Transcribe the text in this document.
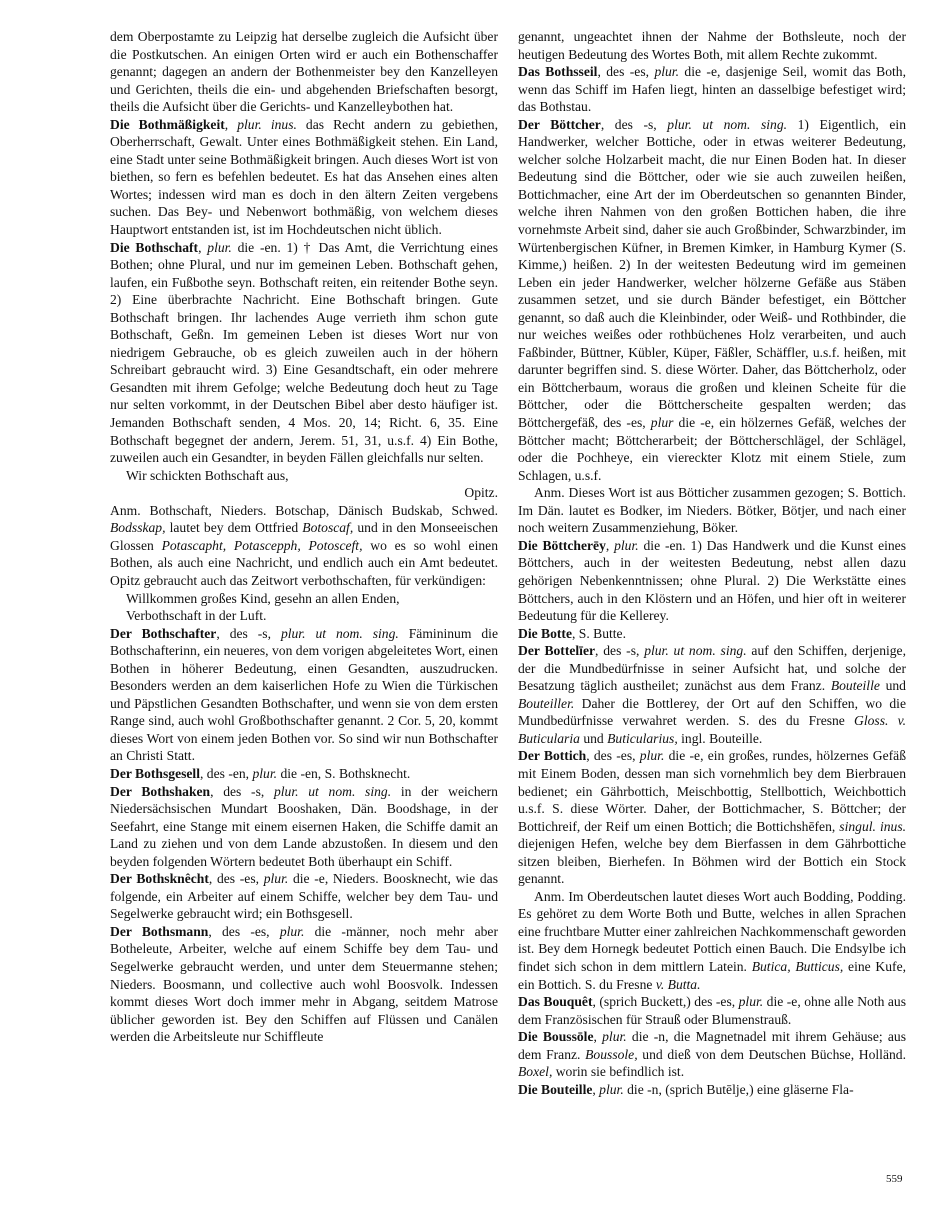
dem Oberpostamte zu Leipzig hat derselbe zugleich die Aufsicht über die Postkutschen. An einigen Orten wird er auch ein Bothenschaffer genannt; dagegen an andern der Bothenmeister bey den Kanzelleyen und Gerichten, theils die ein- und abgehenden Briefschaften besorgt, theils die Aufsicht über die Gerichts- und Kanzelleybothen hat.

Die Bothmäßigkeit, plur. inus. das Recht andern zu gebiethen, Oberherrschaft, Gewalt. Unter eines Bothmäßigkeit stehen. Ein Land, eine Stadt unter seine Bothmäßigkeit bringen. Auch dieses Wort ist von biethen, so fern es befehlen bedeutet. Es hat das Ansehen eines alten Wortes; indessen wird man es doch in den ältern Zeiten vergebens suchen. Das Bey- und Nebenwort bothmäßig, von welchem dieses Hauptwort entstanden ist, ist im Hochdeutschen nicht üblich.

Die Bothschaft, plur. die -en. 1) † Das Amt, die Verrichtung eines Bothen; ohne Plural, und nur im gemeinen Leben. Bothschaft gehen, laufen, ein Fußbothe seyn. Bothschaft reiten, ein reitender Bothe seyn. 2) Eine überbrachte Nachricht. Eine Bothschaft bringen. Gute Bothschaft bringen. Ihr lachendes Auge verrieth ihm schon gute Bothschaft, Geßn. Im gemeinen Leben ist dieses Wort nur von niedrigem Gebrauche, ob es gleich zuweilen auch in der höhern Schreibart gebraucht wird. 3) Eine Gesandtschaft, ein oder mehrere Gesandten mit ihrem Gefolge; welche Bedeutung doch heut zu Tage nur selten vorkommt, in der Deutschen Bibel aber desto häufiger ist. Jemanden Bothschaft senden, 4 Mos. 20, 14; Richt. 6, 35. Eine Bothschaft begegnet der andern, Jerem. 51, 31, u.s.f. 4) Ein Bothe, zuweilen auch ein Gesandter, in beyden Fällen gleichfalls nur selten.

Wir schickten Bothschaft aus,

Opitz.

Anm. Bothschaft, Nieders. Botschap, Dänisch Budskab, Schwed. Bodsskap, lautet bey dem Ottfried Botoscaf, und in den Monseeischen Glossen Potascapht, Potascepph, Potosceft, wo es so wohl einen Bothen, als auch eine Nachricht, und endlich auch ein Amt bedeutet. Opitz gebraucht auch das Zeitwort verbothschaften, für verkündigen:

Willkommen großes Kind, gesehn an allen Enden,

Verbothschaft in der Luft.

Der Bothschafter, des -s, plur. ut nom. sing. Fämininum die Bothschafterinn, ein neueres, von dem vorigen abgeleitetes Wort, einen Bothen in höherer Bedeutung, einen Gesandten, auszudrucken. Besonders werden an dem kaiserlichen Hofe zu Wien die Türkischen und Päpstlichen Gesandten Bothschafter, und wenn sie von dem ersten Range sind, auch wohl Großbothschafter genannt. 2 Cor. 5, 20, kommt dieses Wort von einem jeden Bothen vor. So sind wir nun Bothschafter an Christi Statt.

Der Bothsgesell, des -en, plur. die -en, S. Bothsknecht.

Der Bothshaken, des -s, plur. ut nom. sing. in der weichern Niedersächsischen Mundart Booshaken, Dän. Boodshage, in der Seefahrt, eine Stange mit einem eisernen Haken, die Schiffe damit an Land zu ziehen und von dem Lande abzustoßen. In diesem und den beyden folgenden Wörtern bedeutet Both überhaupt ein Schiff.

Der Bothsknêcht, des -es, plur. die -e, Nieders. Boosknecht, wie das folgende, ein Arbeiter auf einem Schiffe, welcher bey dem Tau- und Segelwerke gebraucht wird; ein Bothsgesell.

Der Bothsmann, des -es, plur. die -männer, noch mehr aber Botheleute, Arbeiter, welche auf einem Schiffe bey dem Tau- und Segelwerke gebraucht werden, und unter dem Steuermanne stehen; Nieders. Boosmann, und collective auch wohl Boosvolk. Indessen kommt dieses Wort doch immer mehr in Abgang, seitdem Matrose üblicher geworden ist. Bey den Schiffen auf Flüssen und Canälen werden die Arbeitsleute nur Schiffleute

genannt, ungeachtet ihnen der Nahme der Bothsleute, noch der heutigen Bedeutung des Wortes Both, mit allem Rechte zukommt.

Das Bothsseil, des -es, plur. die -e, dasjenige Seil, womit das Both, wenn das Schiff im Hafen liegt, hinten an dasselbige befestiget wird; das Bothstau.

Der Böttcher, des -s, plur. ut nom. sing. 1) Eigentlich, ein Handwerker, welcher Bottiche, oder in etwas weiterer Bedeutung, welcher solche Holzarbeit macht, die nur Einen Boden hat. In dieser Bedeutung sind die Böttcher, oder wie sie auch zuweilen heißen, Bottichmacher, eine Art der im Oberdeutschen so genannten Binder, welche ihren Nahmen von den großen Bottichen haben, die ihre vornehmste Arbeit sind, daher sie auch Großbinder, Schwarzbinder, im Würtenbergischen Küfner, in Bremen Kimker, in Hamburg Kymer (S. Kimme,) heißen. 2) In der weitesten Bedeutung wird im gemeinen Leben ein jeder Handwerker, welcher hölzerne Gefäße aus Stäben zusammen setzet, und sie durch Bänder befestiget, ein Böttcher genannt, so daß auch die Kleinbinder, oder Weiß- und Rothbinder, die nur weiches weißes oder rothbüchenes Holz verarbeiten, und auch Faßbinder, Büttner, Kübler, Küper, Fäßler, Schäffler, u.s.f. heißen, mit darunter begriffen sind. S. diese Wörter. Daher, das Böttcherholz, oder ein Böttcherbaum, woraus die großen und kleinen Scheite für die Böttcher, oder die Böttcherscheite gespalten werden; das Böttchergefäß, des -es, plur die -e, ein hölzernes Gefäß, welches der Böttcher macht; Böttcherarbeit; der Böttcherschlägel, der Schlägel, oder die Pochheye, ein viereckter Klotz mit einem Stiele, zum Schlagen, u.s.f.

Anm. Dieses Wort ist aus Bötticher zusammen gezogen; S. Bottich. Im Dän. lautet es Bodker, im Nieders. Bötker, Bötjer, und nach einer noch weitern Zusammenziehung, Böker.

Die Böttcherēy, plur. die -en. 1) Das Handwerk und die Kunst eines Böttchers, auch in der weitesten Bedeutung, nebst allen dazu gehörigen Nebenkenntnissen; ohne Plural. 2) Die Werkstätte eines Böttchers, auch in den Klöstern und an Höfen, und hier oft in weiterer Bedeutung für die Kellerey.

Die Botte, S. Butte.

Der Bottelīer, des -s, plur. ut nom. sing. auf den Schiffen, derjenige, der die Mundbedürfnisse in seiner Aufsicht hat, und solche der Besatzung täglich austheilet; zunächst aus dem Franz. Bouteille und Bouteiller. Daher die Bottlerey, der Ort auf den Schiffen, wo die Mundbedürfnisse verwahret werden. S. des du Fresne Gloss. v. Buticularia und Buticularius, ingl. Bouteille.

Der Bottich, des -es, plur. die -e, ein großes, rundes, hölzernes Gefäß mit Einem Boden, dessen man sich vornehmlich bey dem Bierbrauen bedienet; ein Gährbottich, Meischbottig, Stellbottich, Weichbottich u.s.f. S. diese Wörter. Daher, der Bottichmacher, S. Böttcher; der Bottichreif, der Reif um einen Bottich; die Bottichshēfen, singul. inus. diejenigen Hefen, welche bey dem Bierfassen in dem Gährbottiche sitzen bleiben, Bierhefen. In Böhmen wird der Bottich ein Stock genannt.

Anm. Im Oberdeutschen lautet dieses Wort auch Bodding, Podding. Es gehöret zu dem Worte Both und Butte, welches in allen Sprachen eine fruchtbare Mutter einer zahlreichen Nachkommenschaft geworden ist. Bey dem Hornegk bedeutet Pottich einen Bauch. Die Endsylbe ich findet sich schon in dem mittlern Latein. Butica, Butticus, eine Kufe, ein Bottich. S. du Fresne v. Butta.

Das Bouquêt, (sprich Buckett,) des -es, plur. die -e, ohne alle Noth aus dem Französischen für Strauß oder Blumenstrauß.

Die Boussōle, plur. die -n, die Magnetnadel mit ihrem Gehäuse; aus dem Franz. Boussole, und dieß von dem Deutschen Büchse, Holländ. Boxel, worin sie befindlich ist.

Die Bouteille, plur. die -n, (sprich Butēlje,) eine gläserne Fla-

559
